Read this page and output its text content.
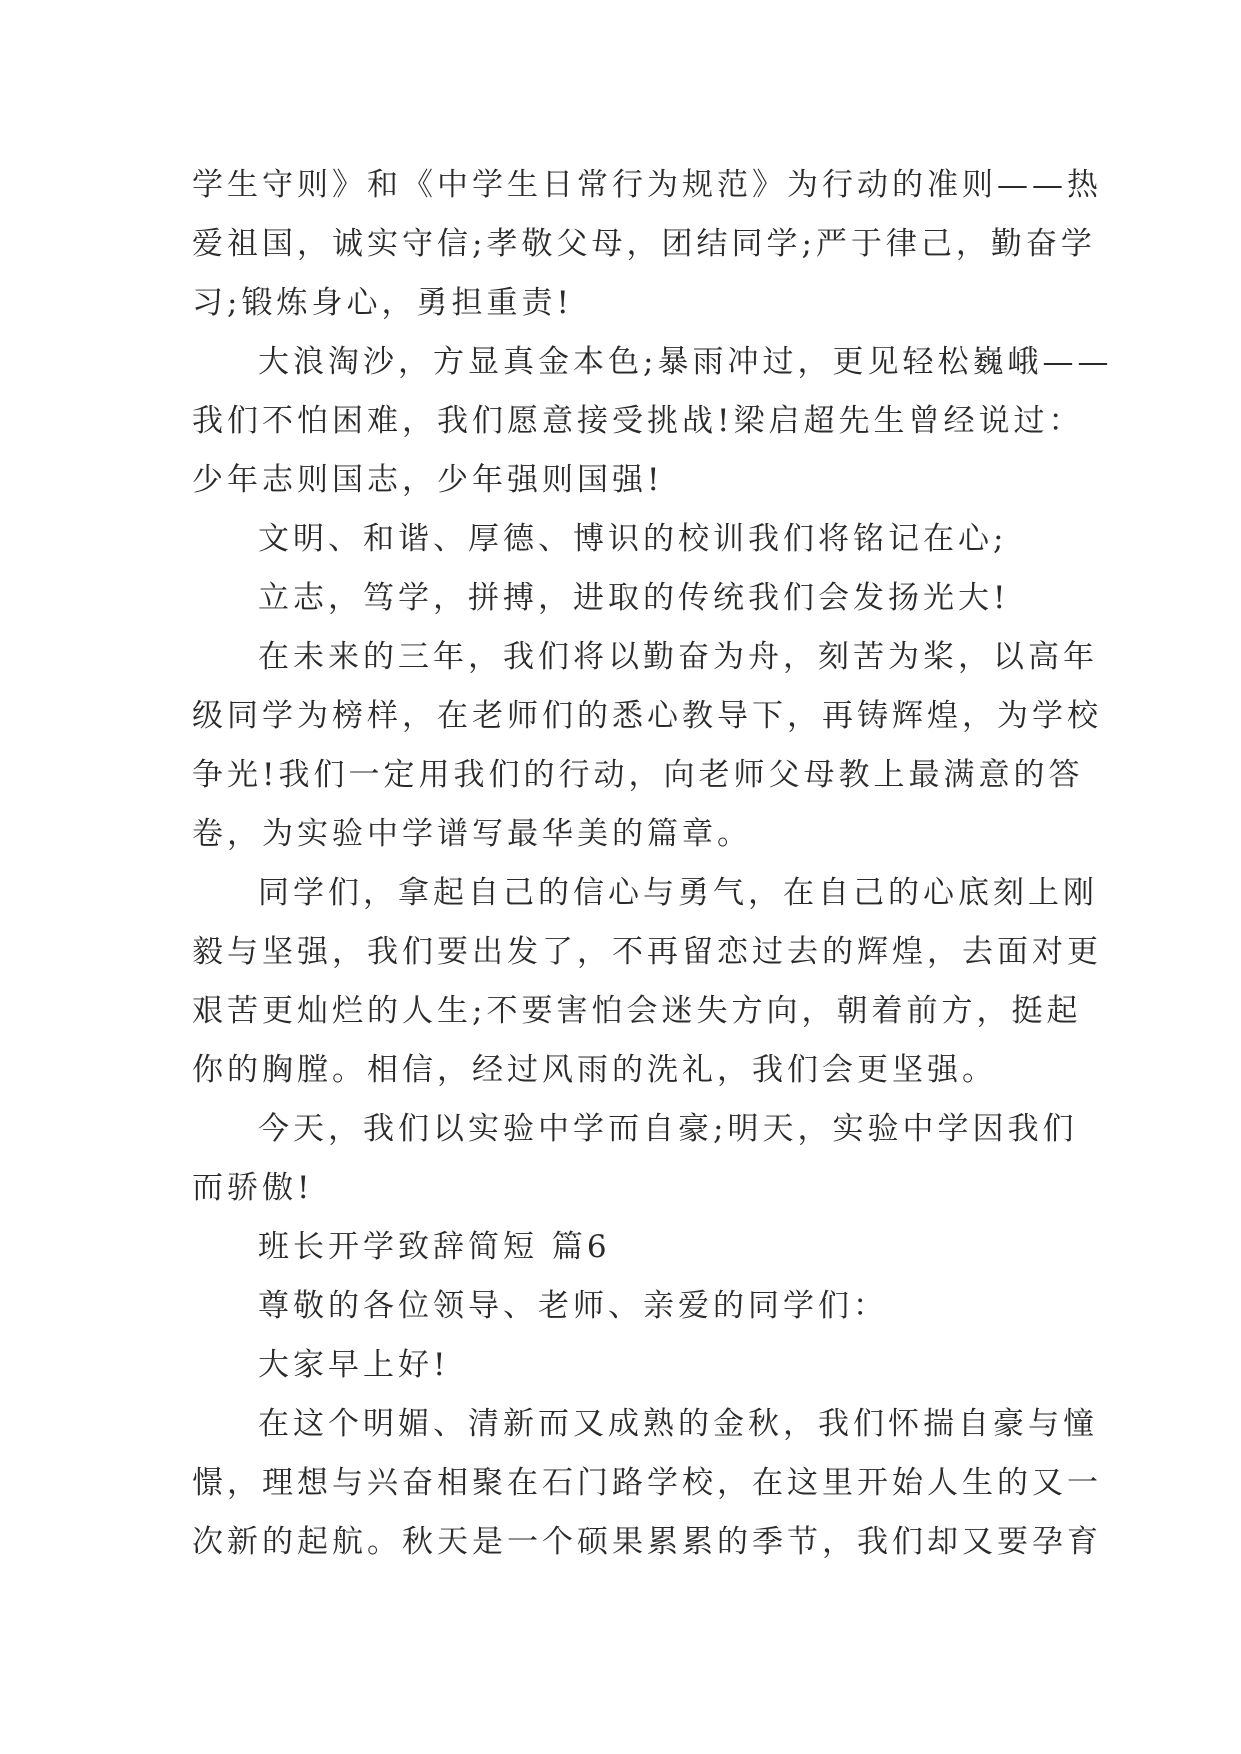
学生守则》和《中学生日常行为规范》为行动的准则——热
爱祖国，诚实守信;孝敬父母，团结同学;严于律己，勤奋学
习;锻炼身心，勇担重责!
大浪淘沙，方显真金本色;暴雨冲过，更见轻松巍峨——
我们不怕困难，我们愿意接受挑战!梁启超先生曾经说过：
少年志则国志，少年强则国强!
文明、和谐、厚德、博识的校训我们将铭记在心;
立志，笃学，拼搏，进取的传统我们会发扬光大!
在未来的三年，我们将以勤奋为舟，刻苦为桨，以高年
级同学为榜样，在老师们的悉心教导下，再铸辉煌，为学校
争光!我们一定用我们的行动，向老师父母教上最满意的答
卷，为实验中学谱写最华美的篇章。
同学们，拿起自己的信心与勇气，在自己的心底刻上刚
毅与坚强，我们要出发了，不再留恋过去的辉煌，去面对更
艰苦更灿烂的人生;不要害怕会迷失方向，朝着前方，挺起
你的胸膛。相信，经过风雨的洗礼，我们会更坚强。
今天，我们以实验中学而自豪;明天，实验中学因我们
而骄傲!
班长开学致辞简短 篇6
尊敬的各位领导、老师、亲爱的同学们：
大家早上好!
在这个明媚、清新而又成熟的金秋，我们怀揣自豪与憧
憬，理想与兴奋相聚在石门路学校，在这里开始人生的又一
次新的起航。秋天是一个硕果累累的季节，我们却又要孕育
